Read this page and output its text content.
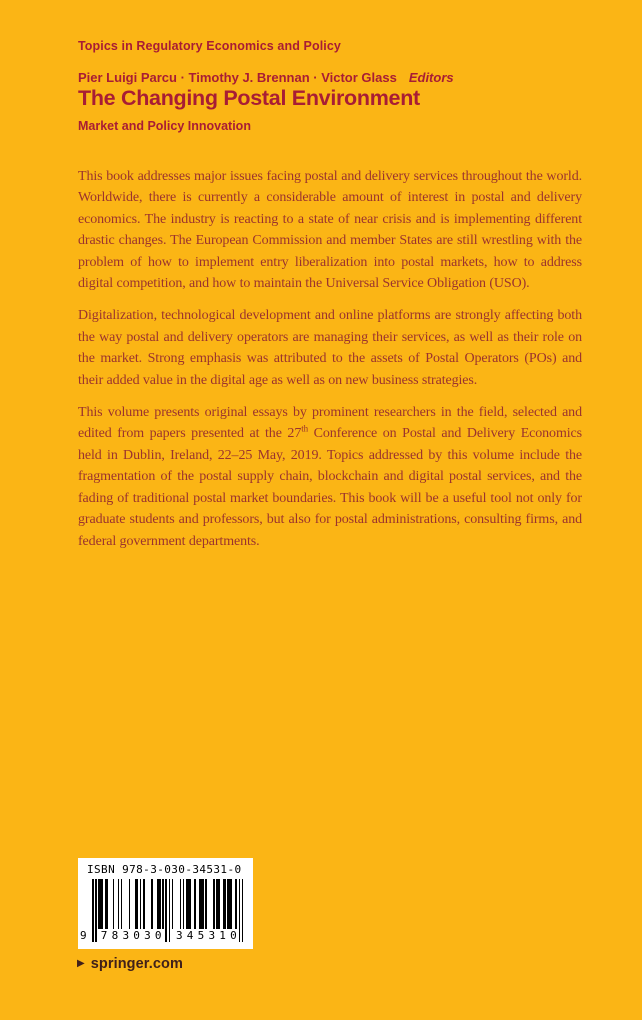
Topics in Regulatory Economics and Policy
Pier Luigi Parcu · Timothy J. Brennan · Victor Glass Editors
The Changing Postal Environment
Market and Policy Innovation

This book addresses major issues facing postal and delivery services throughout the world. Worldwide, there is currently a considerable amount of interest in postal and delivery economics. The industry is reacting to a state of near crisis and is implementing different drastic changes. The European Commission and member States are still wrestling with the problem of how to implement entry liberalization into postal markets, how to address digital competition, and how to maintain the Universal Service Obligation (USO).

Digitalization, technological development and online platforms are strongly affecting both the way postal and delivery operators are managing their services, as well as their role on the market. Strong emphasis was attributed to the assets of Postal Operators (POs) and their added value in the digital age as well as on new business strategies.

This volume presents original essays by prominent researchers in the field, selected and edited from papers presented at the 27th Conference on Postal and Delivery Economics held in Dublin, Ireland, 22–25 May, 2019. Topics addressed by this volume include the fragmentation of the postal supply chain, blockchain and digital postal services, and the fading of traditional postal market boundaries. This book will be a useful tool not only for graduate students and professors, but also for postal administrations, consulting firms, and federal government departments.

ISBN 978-3-030-34531-0
783030 345310
9
▶ springer.com
